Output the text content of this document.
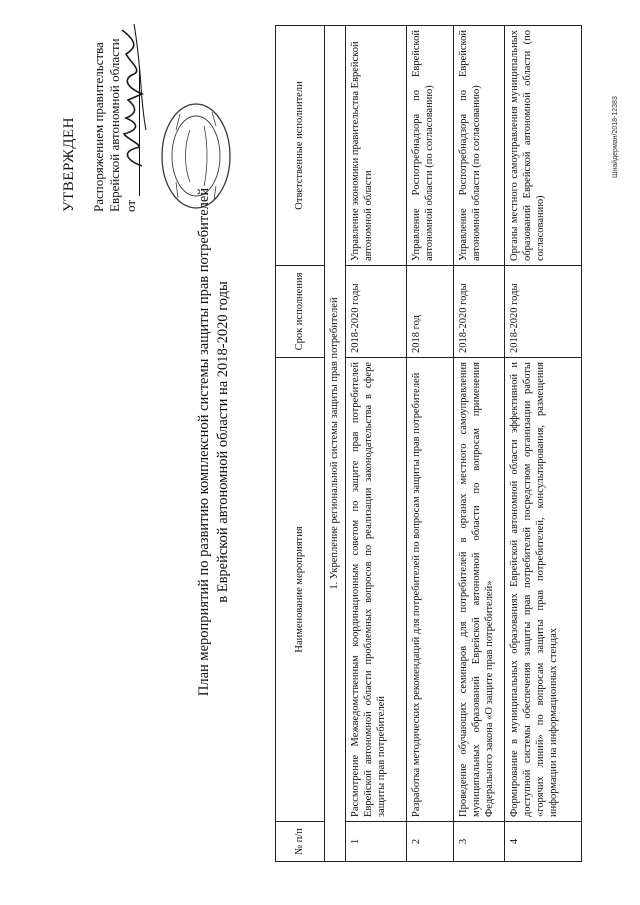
УТВЕРЖДЕН Распоряжением правительства Еврейской автономной области от	План мероприятий по развитию комплексной системы защиты прав потребителей в Еврейской автономной области на 2018-2020 годы
№ п/п	Наименование мероприятия	Срок исполнения	Ответственные исполнители
1. Укрепление региональной системы защиты прав потребителей			
1	Рассмотрение Межведомственным координационным советом по защите прав потребителей Еврейской автономной области проблемных вопросов по реализации законодательства в сфере защиты прав потребителей	2018-2020 годы	Управление экономики правительства Еврейской автономной области
2	Разработка методических рекомендаций для потребителей по вопросам защиты прав потребителей	2018 год	Управление Роспотребнадзора по Еврейской автономной области (по согласованию)
3	Проведение обучающих семинаров для потребителей в органах местного самоуправления муниципальных образований Еврейской автономной области по вопросам применения Федерального закона «О защите прав потребителей»	2018-2020 годы	Управление Роспотребнадзора по Еврейской автономной области (по согласованию)
4	Формирование в муниципальных образованиях Еврейской автономной области эффективной и доступной системы обеспечения защиты прав потребителей посредством организации работы «горячих линий» по вопросам защиты прав потребителей, консультирования, размещения информации на информационных стендах	2018-2020 годы	Органы местного самоуправления муниципальных образований Еврейской автономной области (по согласованию)
Шнайдерман/2018-12383
